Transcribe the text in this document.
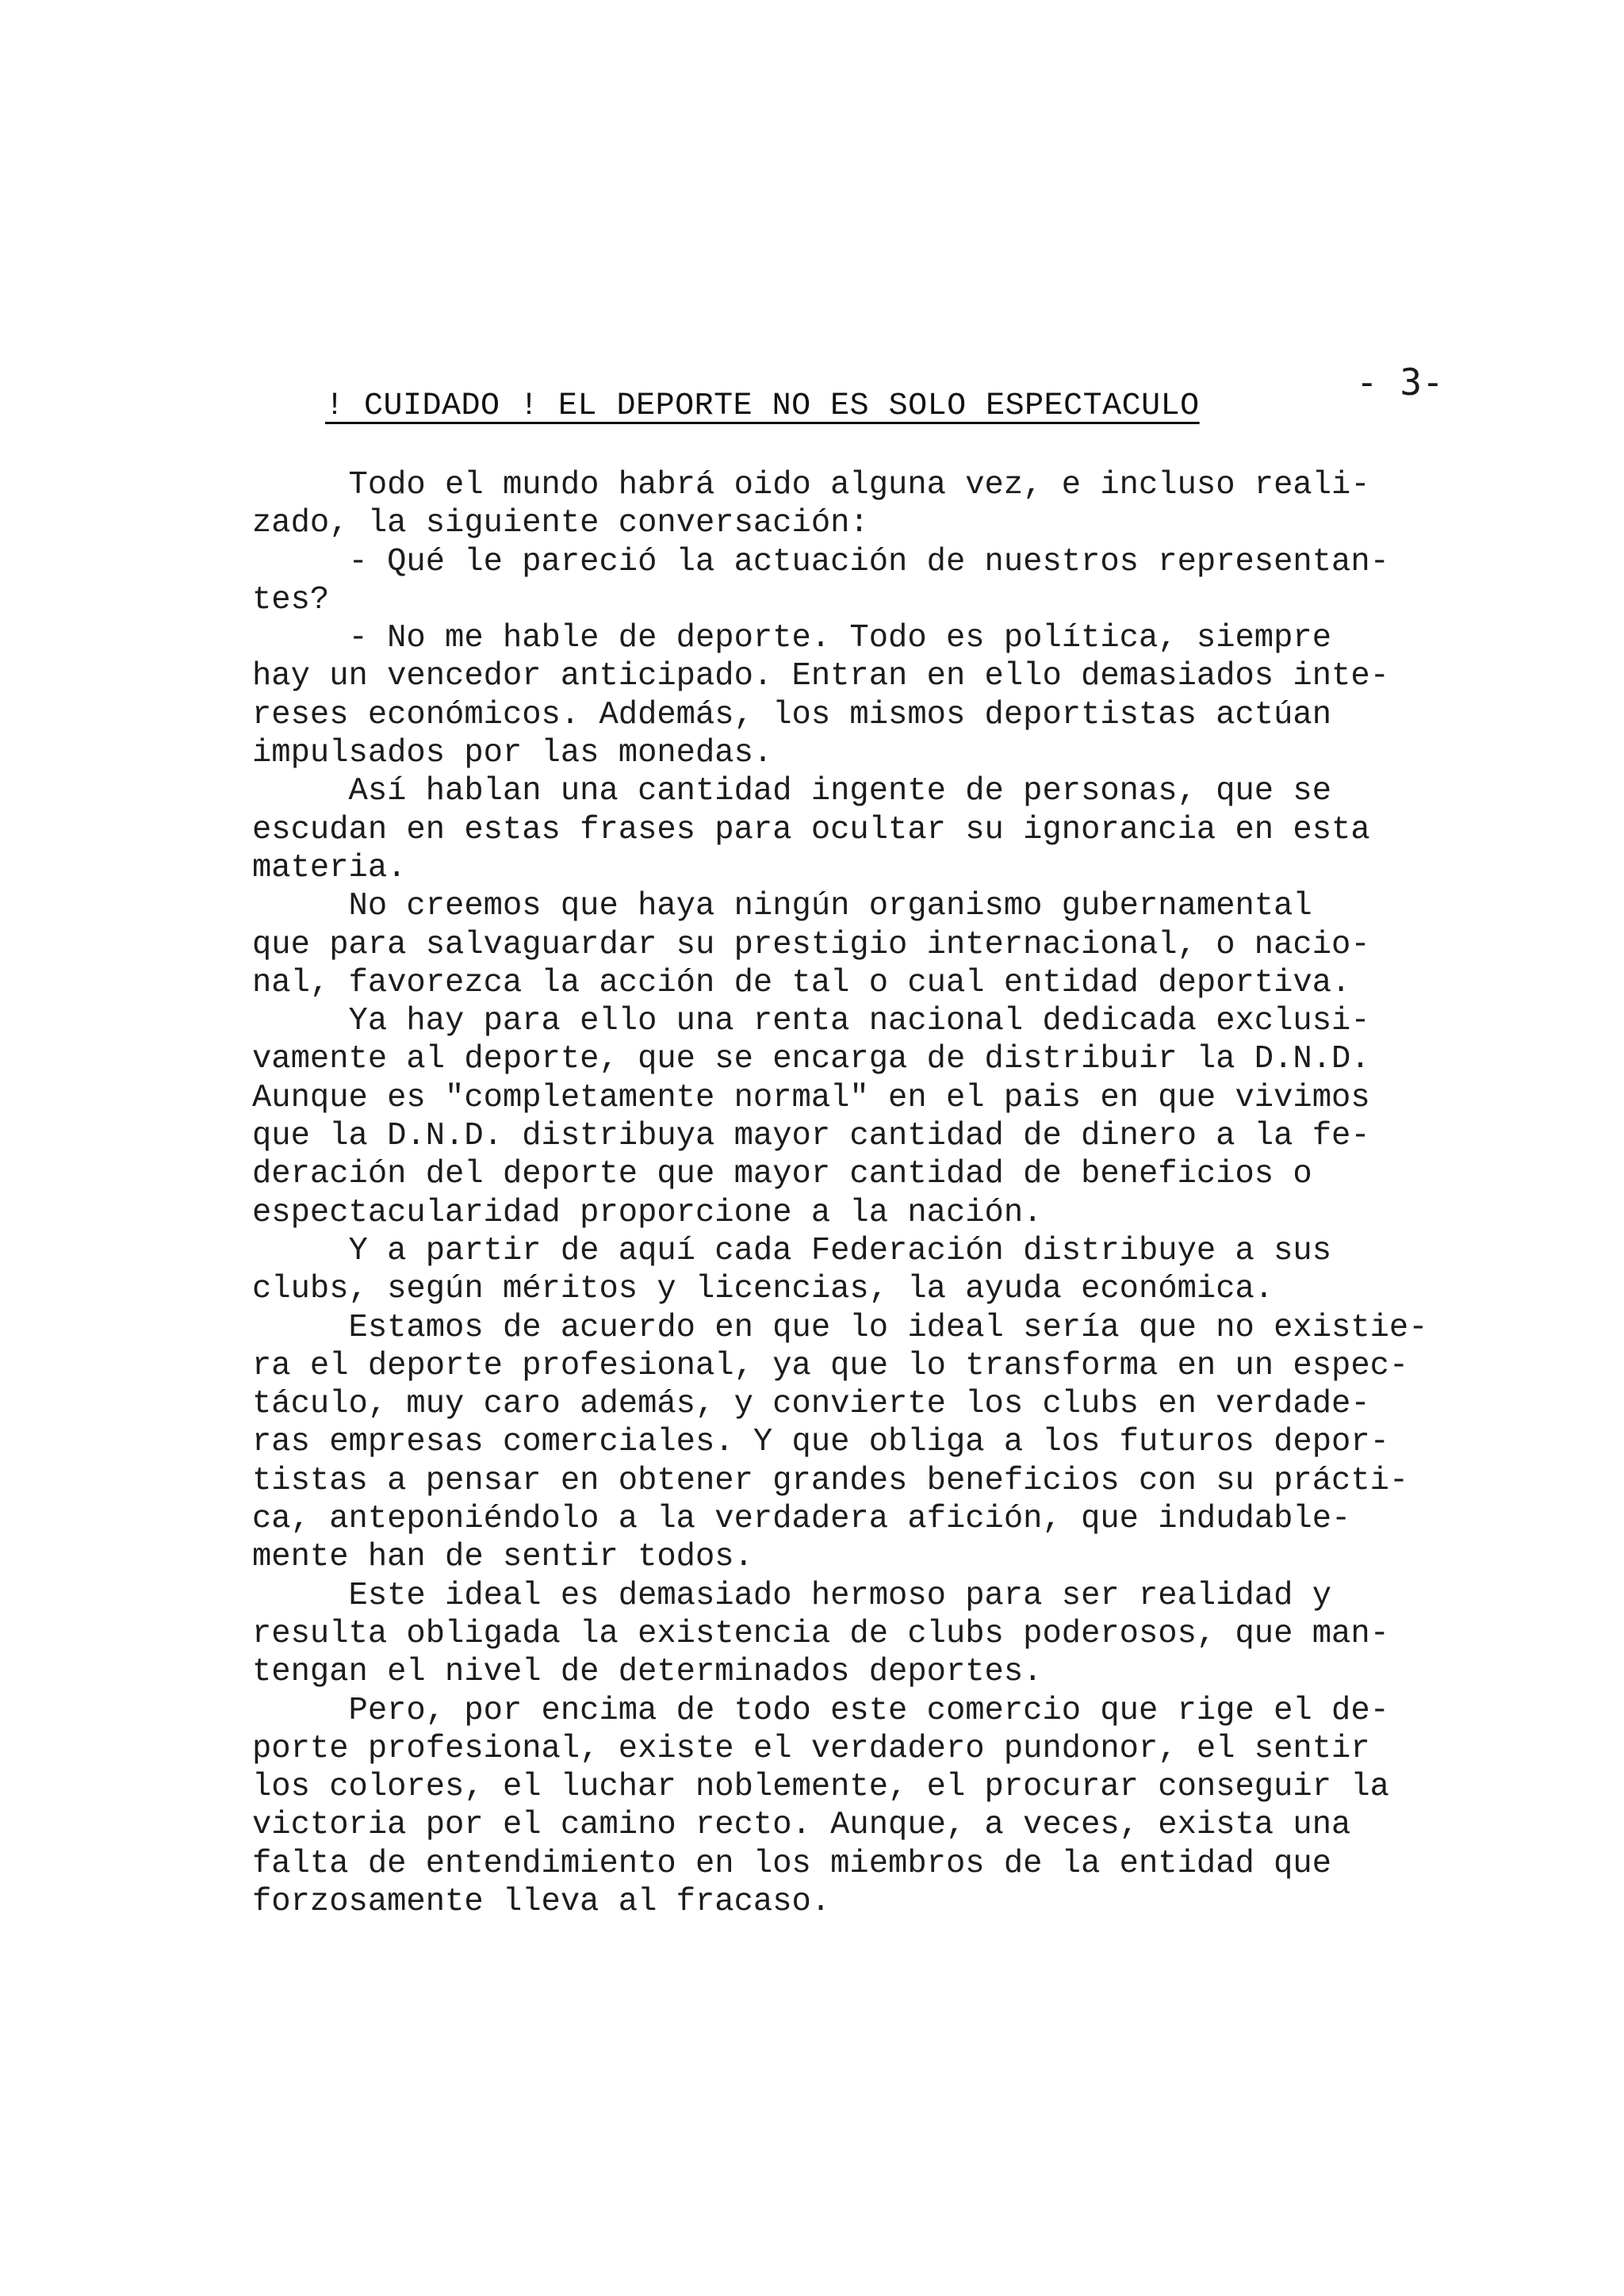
- 3-
! CUIDADO ! EL DEPORTE NO ES SOLO ESPECTACULO
Todo el mundo habrá oido alguna vez, e incluso reali-
zado, la siguiente conversación:
- Qué le pareció la actuación de nuestros representan-
tes?
- No me hable de deporte. Todo es política, siempre
hay un vencedor anticipado. Entran en ello demasiados inte-
reses económicos. Addemás, los mismos deportistas actúan
impulsados por las monedas.
Así hablan una cantidad ingente de personas, que se
escudan en estas frases para ocultar su ignorancia en esta
materia.
No creemos que haya ningún organismo gubernamental
que para salvaguardar su prestigio internacional, o nacio-
nal, favorezca la acción de tal o cual entidad deportiva.
Ya hay para ello una renta nacional dedicada exclusi-
vamente al deporte, que se encarga de distribuir la D.N.D.
Aunque es "completamente normal" en el pais en que vivimos
que la D.N.D. distribuya mayor cantidad de dinero a la fe-
deración del deporte que mayor cantidad de beneficios o
espectacularidad proporcione a la nación.
Y a partir de aquí cada Federación distribuye a sus
clubs, según méritos y licencias, la ayuda económica.
Estamos de acuerdo en que lo ideal sería que no existie-
ra el deporte profesional, ya que lo transforma en un espec-
táculo, muy caro además, y convierte los clubs en verdade-
ras empresas comerciales. Y que obliga a los futuros depor-
tistas a pensar en obtener grandes beneficios con su prácti-
ca, anteponiéndolo a la verdadera afición, que indudable-
mente han de sentir todos.
Este ideal es demasiado hermoso para ser realidad y
resulta obligada la existencia de clubs poderosos, que man-
tengan el nivel de determinados deportes.
Pero, por encima de todo este comercio que rige el de-
porte profesional, existe el verdadero pundonor, el sentir
los colores, el luchar noblemente, el procurar conseguir la
victoria por el camino recto. Aunque, a veces, exista una
falta de entendimiento en los miembros de la entidad que
forzosamente lleva al fracaso.
